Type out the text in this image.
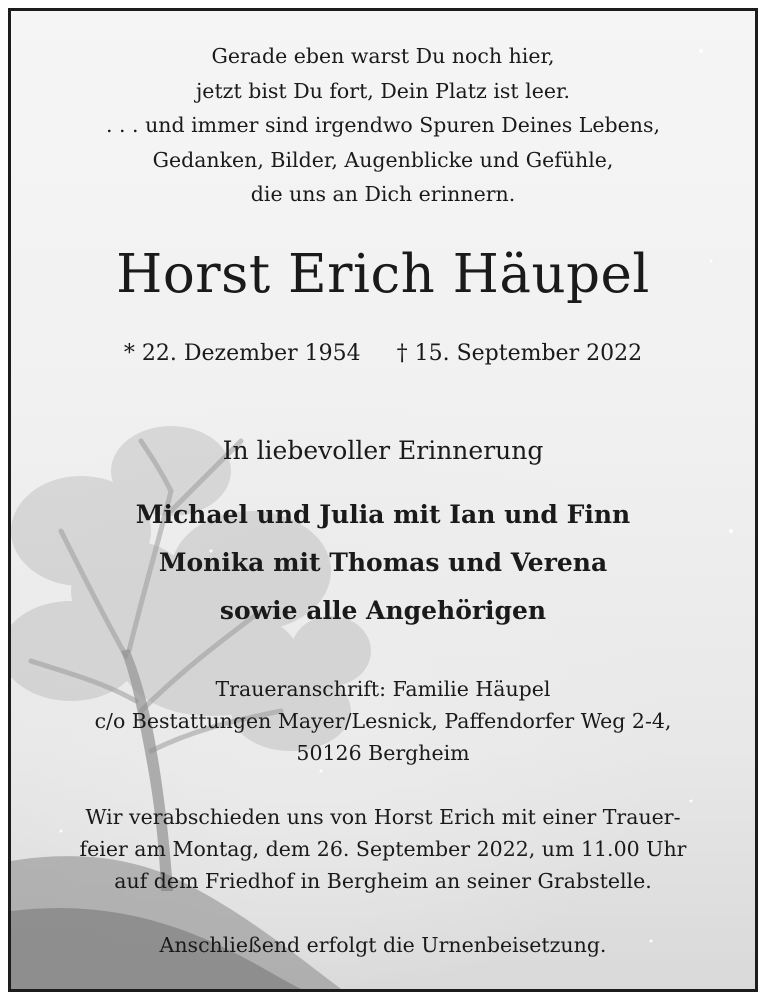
Gerade eben warst Du noch hier,
jetzt bist Du fort, Dein Platz ist leer.
. . . und immer sind irgendwo Spuren Deines Lebens,
Gedanken, Bilder, Augenblicke und Gefühle,
die uns an Dich erinnern.
Horst Erich Häupel
* 22. Dezember 1954 † 15. September 2022
In liebevoller Erinnerung
Michael und Julia mit Ian und Finn
Monika mit Thomas und Verena
sowie alle Angehörigen
Traueranschrift: Familie Häupel
c/o Bestattungen Mayer/Lesnick, Paffendorfer Weg 2-4,
50126 Bergheim
Wir verabschieden uns von Horst Erich mit einer Trauer-
feier am Montag, dem 26. September 2022, um 11.00 Uhr
auf dem Friedhof in Bergheim an seiner Grabstelle.
Anschließend erfolgt die Urnenbeisetzung.
